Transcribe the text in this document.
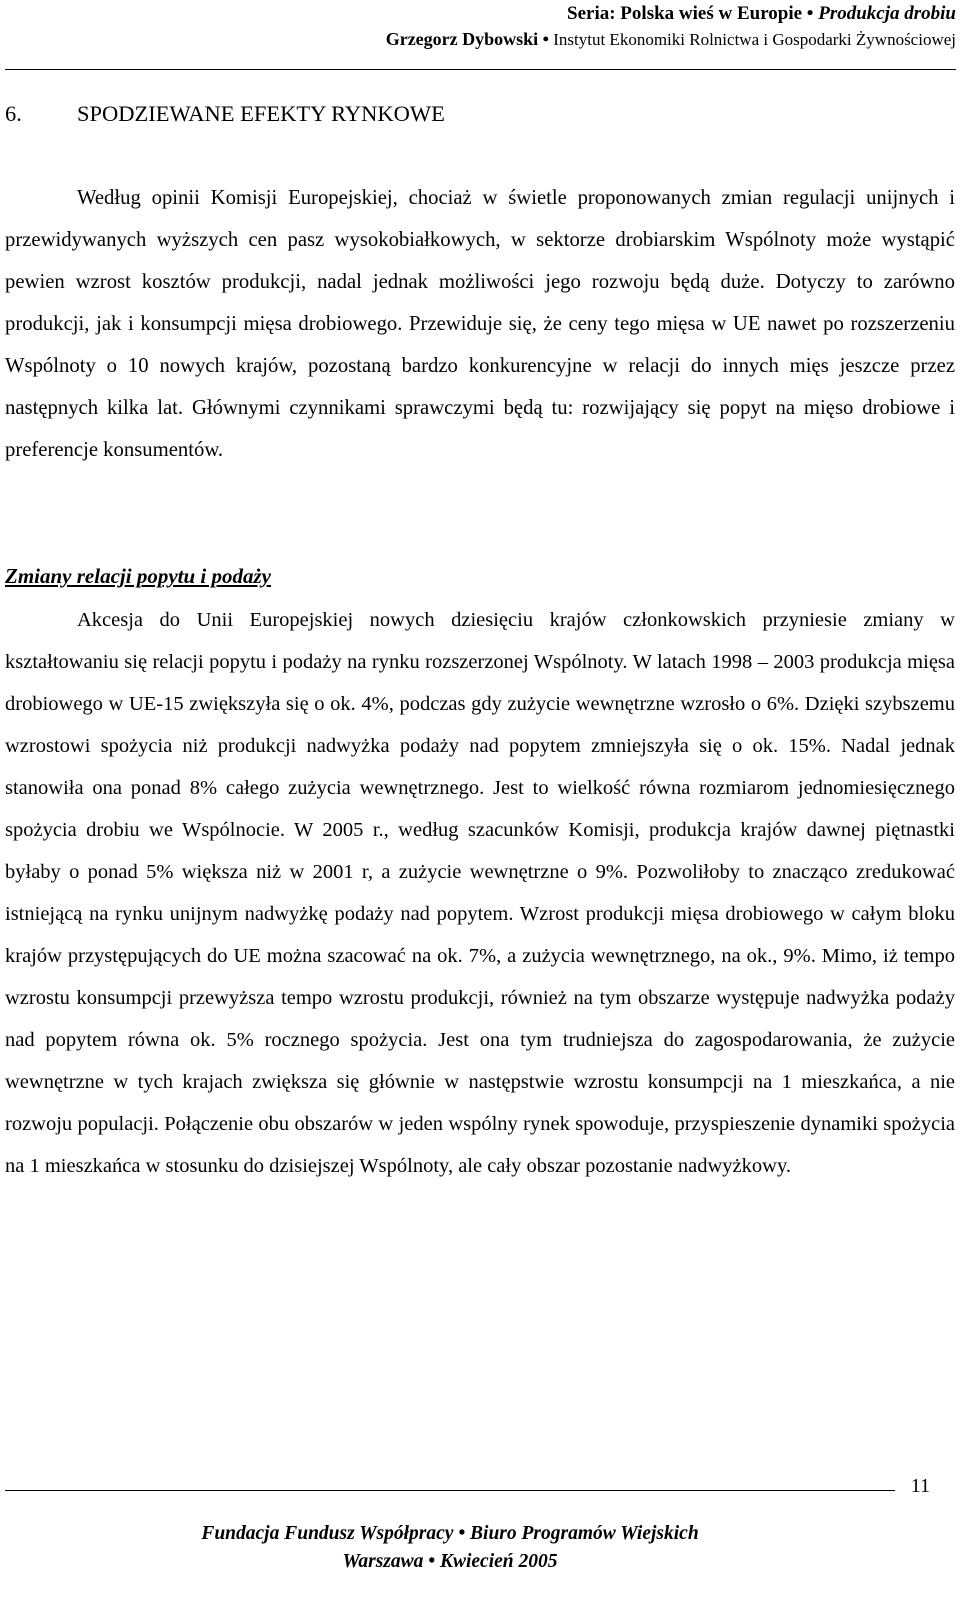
Seria: Polska wieś w Europie • Produkcja drobiu
Grzegorz Dybowski • Instytut Ekonomiki Rolnictwa i Gospodarki Żywnościowej
6. SPODZIEWANE EFEKTY RYNKOWE

Według opinii Komisji Europejskiej, chociaż w świetle proponowanych zmian regulacji unijnych i przewidywanych wyższych cen pasz wysokobiałkowych, w sektorze drobiarskim Wspólnoty może wystąpić pewien wzrost kosztów produkcji, nadal jednak możliwości jego rozwoju będą duże. Dotyczy to zarówno produkcji, jak i konsumpcji mięsa drobiowego. Przewiduje się, że ceny tego mięsa w UE nawet po rozszerzeniu Wspólnoty o 10 nowych krajów, pozostaną bardzo konkurencyjne w relacji do innych mięs jeszcze przez następnych kilka lat. Głównymi czynnikami sprawczymi będą tu: rozwijający się popyt na mięso drobiowe i preferencje konsumentów.

Zmiany relacji popytu i podaży

Akcesja do Unii Europejskiej nowych dziesięciu krajów członkowskich przyniesie zmiany w kształtowaniu się relacji popytu i podaży na rynku rozszerzonej Wspólnoty. W latach 1998 – 2003 produkcja mięsa drobiowego w UE-15 zwiększyła się o ok. 4%, podczas gdy zużycie wewnętrzne wzrosło o 6%. Dzięki szybszemu wzrostowi spożycia niż produkcji nadwyżka podaży nad popytem zmniejszyła się o ok. 15%. Nadal jednak stanowiła ona ponad 8% całego zużycia wewnętrznego. Jest to wielkość równa rozmiarom jednomiesięcznego spożycia drobiu we Wspólnocie. W 2005 r., według szacunków Komisji, produkcja krajów dawnej piętnastki byłaby o ponad 5% większa niż w 2001 r, a zużycie wewnętrzne o 9%. Pozwoliłoby to znacząco zredukować istniejącą na rynku unijnym nadwyżkę podaży nad popytem. Wzrost produkcji mięsa drobiowego w całym bloku krajów przystępujących do UE można szacować na ok. 7%, a zużycia wewnętrznego, na ok., 9%. Mimo, iż tempo wzrostu konsumpcji przewyższa tempo wzrostu produkcji, również na tym obszarze występuje nadwyżka podaży nad popytem równa ok. 5% rocznego spożycia. Jest ona tym trudniejsza do zagospodarowania, że zużycie wewnętrzne w tych krajach zwiększa się głównie w następstwie wzrostu konsumpcji na 1 mieszkańca, a nie rozwoju populacji. Połączenie obu obszarów w jeden wspólny rynek spowoduje, przyspieszenie dynamiki spożycia na 1 mieszkańca w stosunku do dzisiejszej Wspólnoty, ale cały obszar pozostanie nadwyżkowy.

11
Fundacja Fundusz Współpracy • Biuro Programów Wiejskich
Warszawa • Kwiecień 2005
